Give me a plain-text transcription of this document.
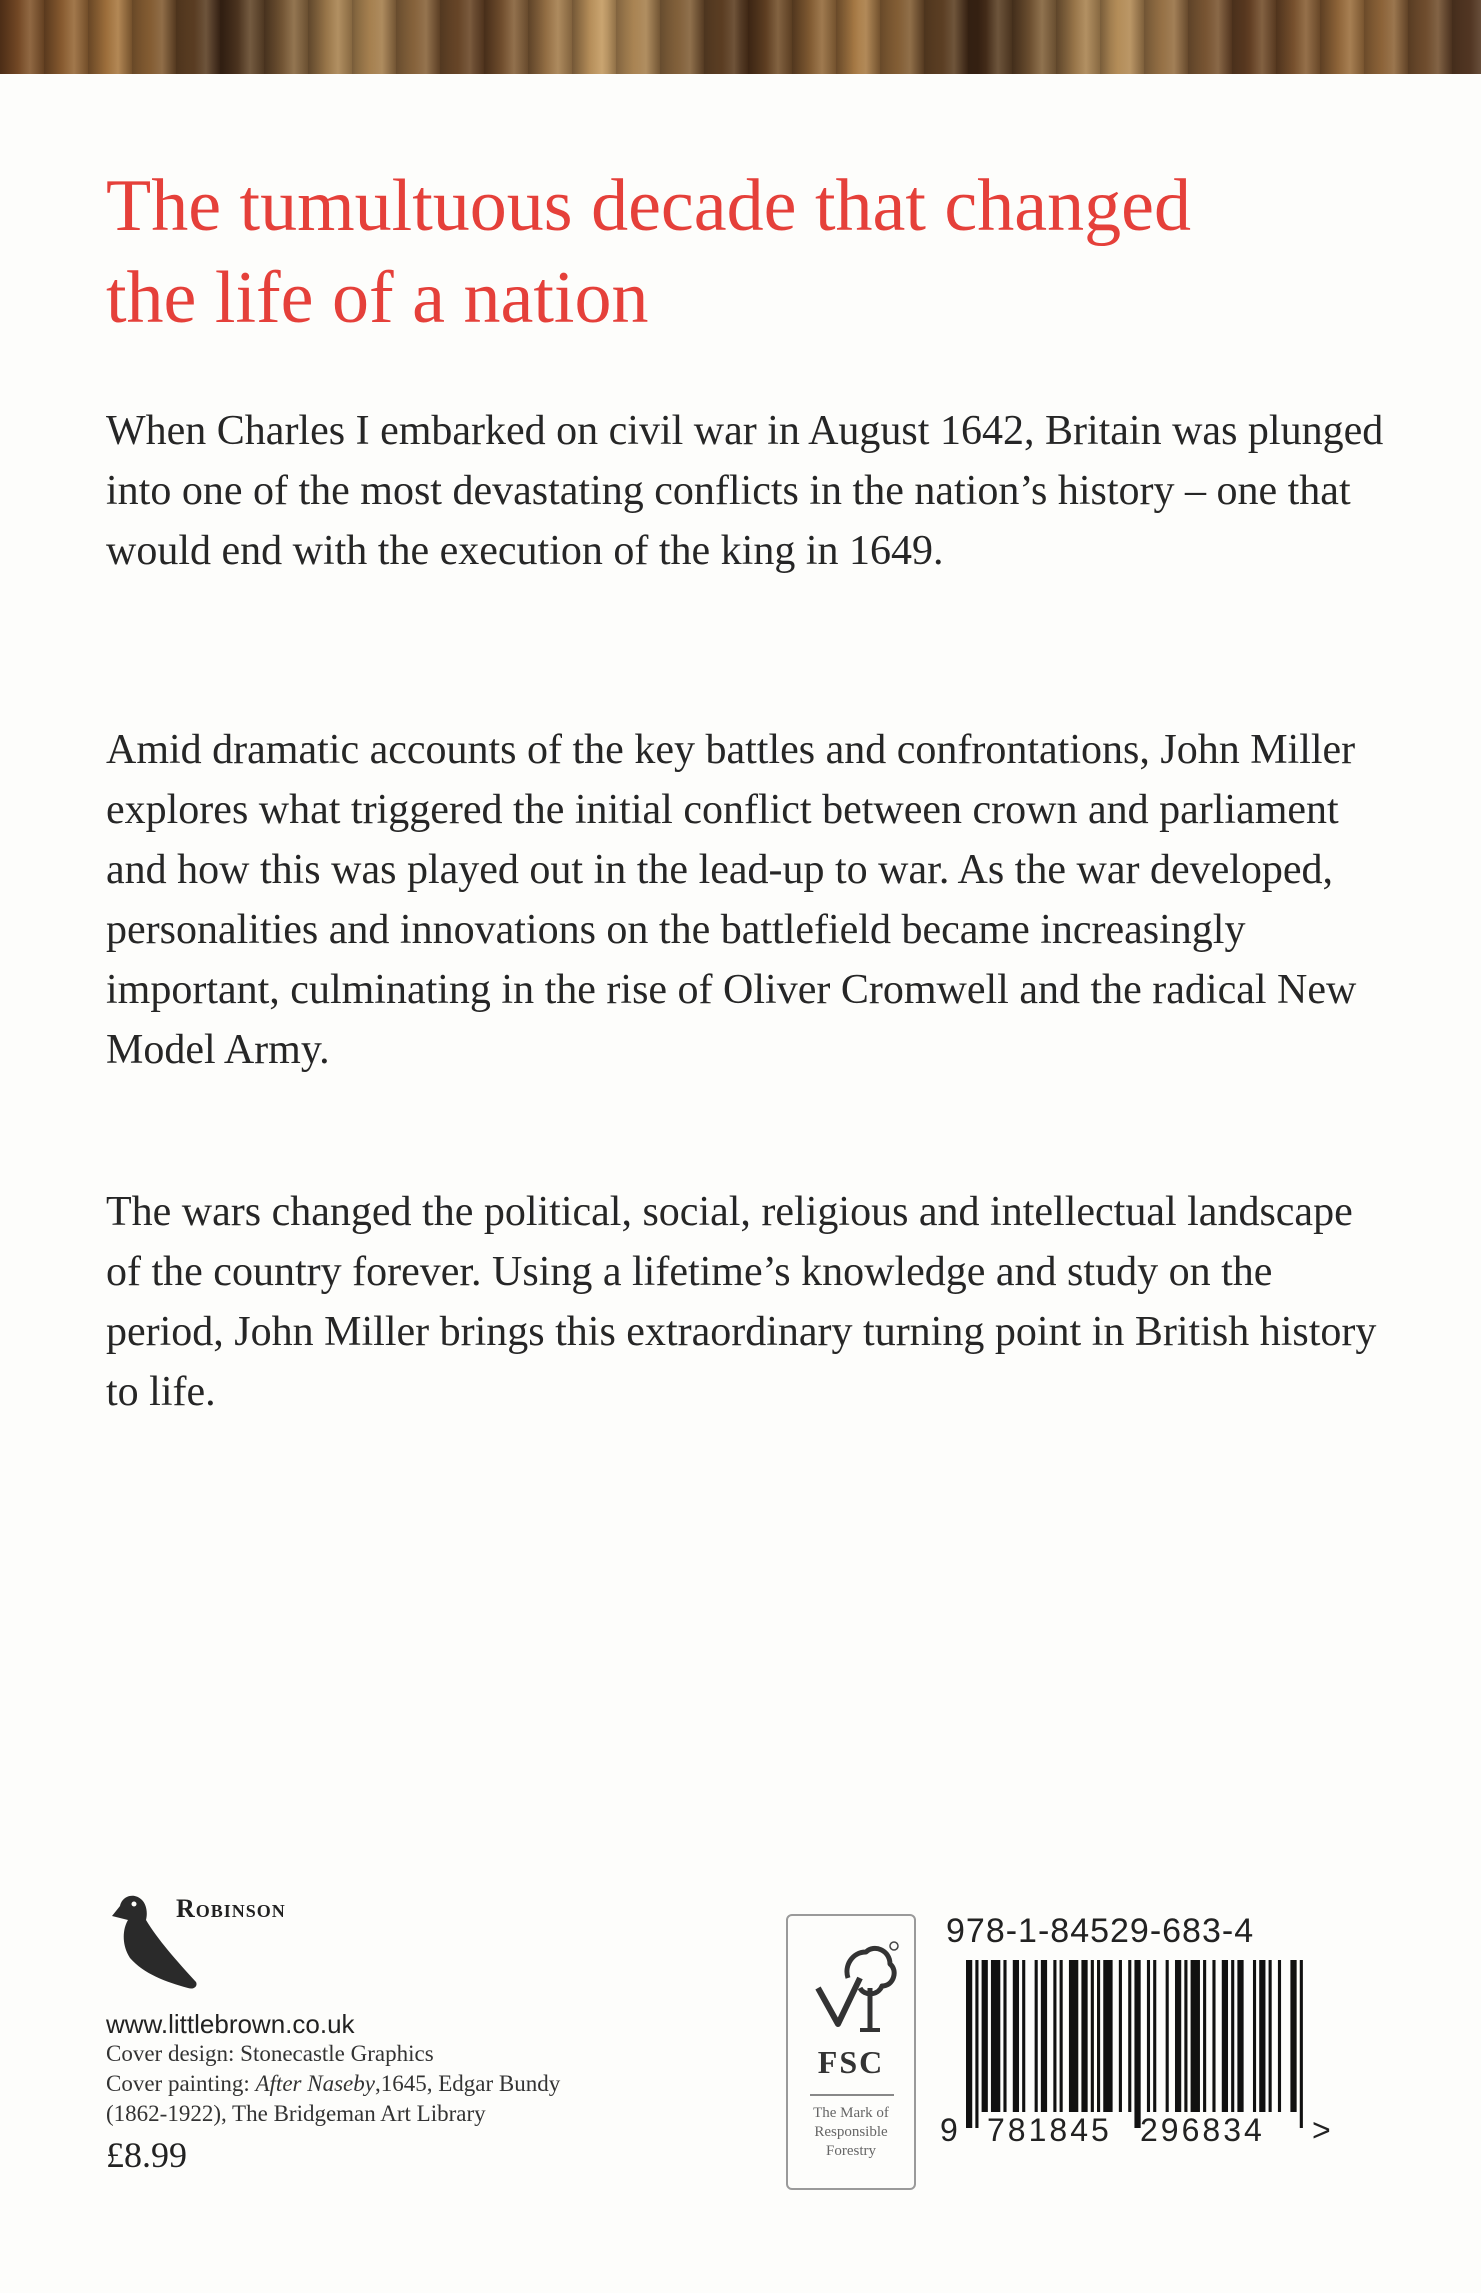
The tumultuous decade that changed
the life of a nation

When Charles I embarked on civil war in August 1642, Britain was plunged into one of the most devastating conflicts in the nation’s history – one that would end with the execution of the king in 1649.

Amid dramatic accounts of the key battles and confrontations, John Miller explores what triggered the initial conflict between crown and parliament and how this was played out in the lead-up to war. As the war developed, personalities and innovations on the battlefield became increasingly important, culminating in the rise of Oliver Cromwell and the radical New Model Army.

The wars changed the political, social, religious and intellectual landscape of the country forever. Using a lifetime’s knowledge and study on the period, John Miller brings this extraordinary turning point in British history to life.

Robinson
www.littlebrown.co.uk
Cover design: Stonecastle Graphics
Cover painting: After Naseby,1645, Edgar Bundy
(1862-1922), The Bridgeman Art Library
£8.99
FSC
The Mark of
Responsible
Forestry
978-1-84529-683-4
9 781845 296834 >
